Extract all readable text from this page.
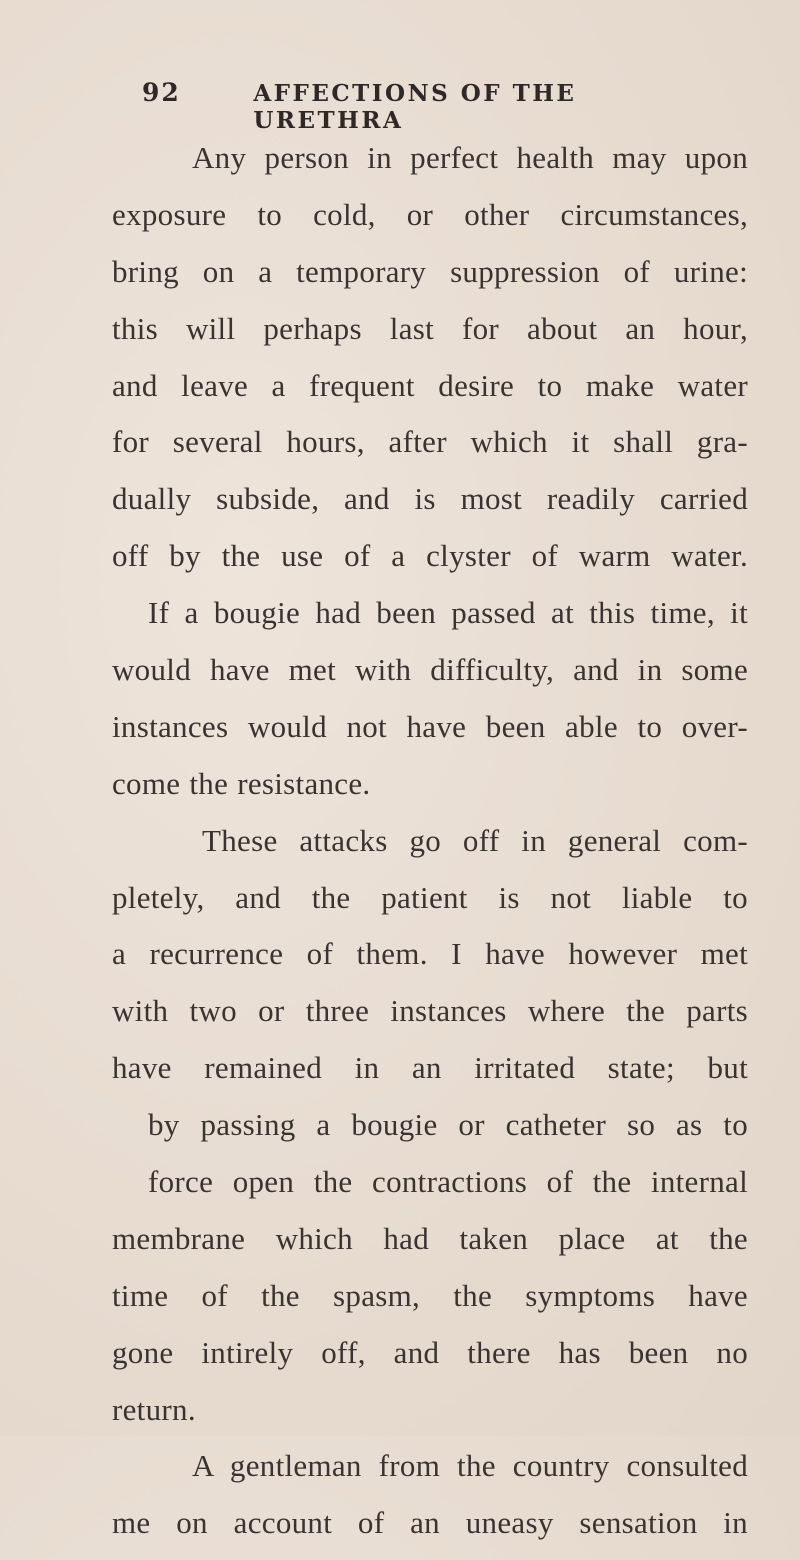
92	AFFECTIONS OF THE URETHRA
Any person in perfect health may upon
exposure to cold, or other circumstances,
bring on a temporary suppression of urine:
this will perhaps last for about an hour,
and leave a frequent desire to make water
for several hours, after which it shall gra-
dually subside, and is most readily carried
off by the use of a clyster of warm water.
If a bougie had been passed at this time, it
would have met with difficulty, and in some
instances would not have been able to over-
come the resistance.
These attacks go off in general com-
pletely, and the patient is not liable to
a recurrence of them. I have however met
with two or three instances where the parts
have remained in an irritated state; but
by passing a bougie or catheter so as to
force open the contractions of the internal
membrane which had taken place at the
time of the spasm, the symptoms have
gone intirely off, and there has been no
return.
A gentleman from the country consulted
me on account of an uneasy sensation in
